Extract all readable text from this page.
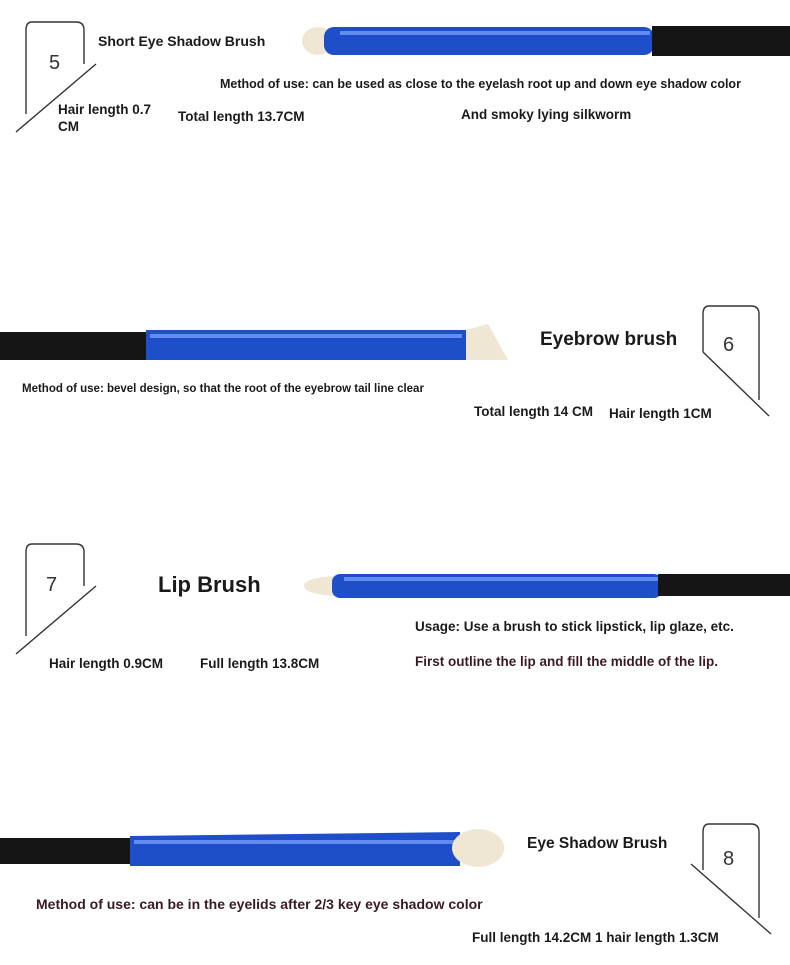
5
Short Eye Shadow Brush
Method of use: can be used as close to the eyelash root up and down eye shadow color
Hair length 0.7 CM
Total length 13.7CM	And smoky lying silkworm
Eyebrow brush 6
Method of use: bevel design, so that the root of the eyebrow tail line clear
Total length 14 CM	Hair length 1CM
7	Lip Brush
Usage: Use a brush to stick lipstick, lip glaze, etc.
Hair length 0.9CM	Full length 13.8CM	First outline the lip and fill the middle of the lip.
Eye Shadow Brush
8
Method of use: can be in the eyelids after 2/3 key eye shadow color
Full length 14.2CM 1 hair length 1.3CM
